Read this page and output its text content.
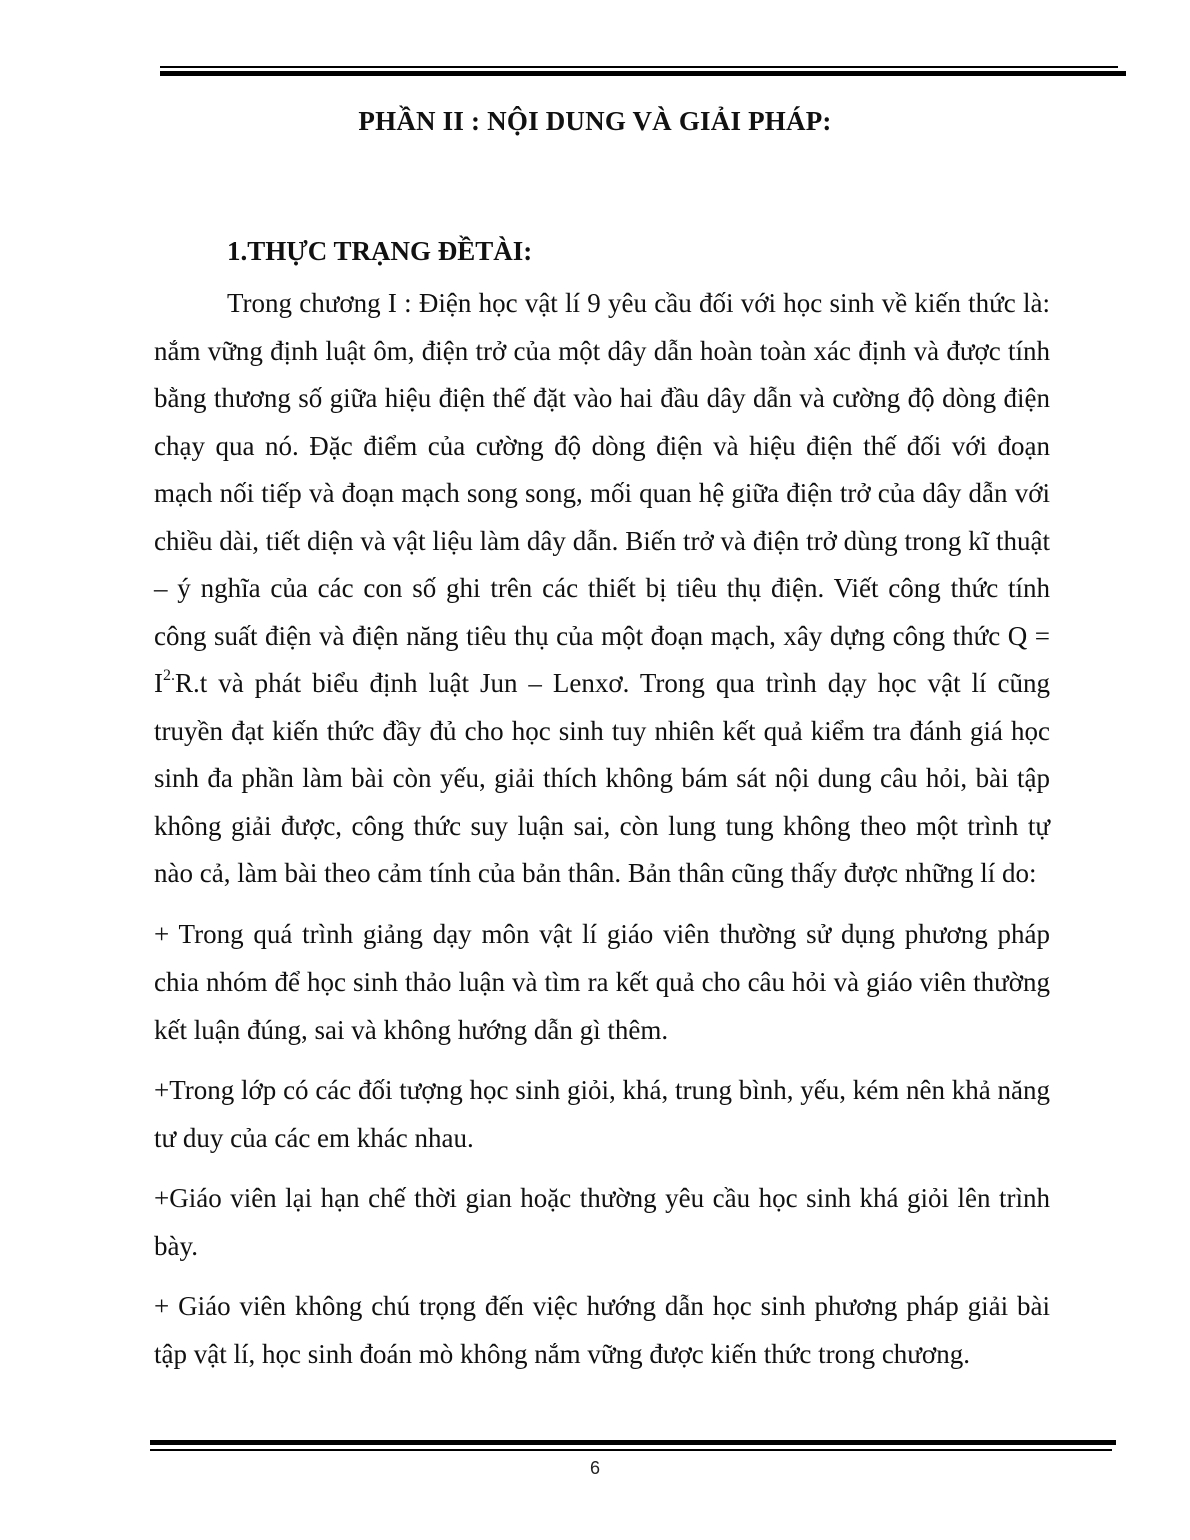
PHẦN II : NỘI DUNG VÀ GIẢI PHÁP:
1.THỰC TRẠNG ĐỀTÀI:

Trong chương I : Điện học vật lí 9 yêu cầu đối với học sinh về kiến thức là: nắm vững định luật ôm, điện trở của một dây dẫn hoàn toàn xác định và được tính bằng thương số giữa hiệu điện thế đặt vào hai đầu dây dẫn và cường độ dòng điện chạy qua nó. Đặc điểm của cường độ dòng điện và hiệu điện thế đối với đoạn mạch nối tiếp và đoạn mạch song song, mối quan hệ giữa điện trở của dây dẫn với chiều dài, tiết diện và vật liệu làm dây dẫn. Biến trở và điện trở dùng trong kĩ thuật – ý nghĩa của các con số ghi trên các thiết bị tiêu thụ điện. Viết công thức tính công suất điện và điện năng tiêu thụ của một đoạn mạch, xây dựng công thức $Q = I^{2.}R.t$ và phát biểu định luật Jun – Lenxơ. Trong qua trình dạy học vật lí cũng truyền đạt kiến thức đầy đủ cho học sinh tuy nhiên kết quả kiểm tra đánh giá học sinh đa phần làm bài còn yếu, giải thích không bám sát nội dung câu hỏi, bài tập không giải được, công thức suy luận sai, còn lung tung không theo một trình tự nào cả, làm bài theo cảm tính của bản thân. Bản thân cũng thấy được những lí do:

+ Trong quá trình giảng dạy môn vật lí giáo viên thường sử dụng phương pháp chia nhóm để học sinh thảo luận và tìm ra kết quả cho câu hỏi và giáo viên thường kết luận đúng, sai và không hướng dẫn gì thêm.

+Trong lớp có các đối tượng học sinh giỏi, khá, trung bình, yếu, kém nên khả năng tư duy của các em khác nhau.

+Giáo viên lại hạn chế thời gian hoặc thường yêu cầu học sinh khá giỏi lên trình bày.

+ Giáo viên không chú trọng đến việc hướng dẫn học sinh phương pháp giải bài tập vật lí, học sinh đoán mò không nắm vững được kiến thức trong chương.

6
